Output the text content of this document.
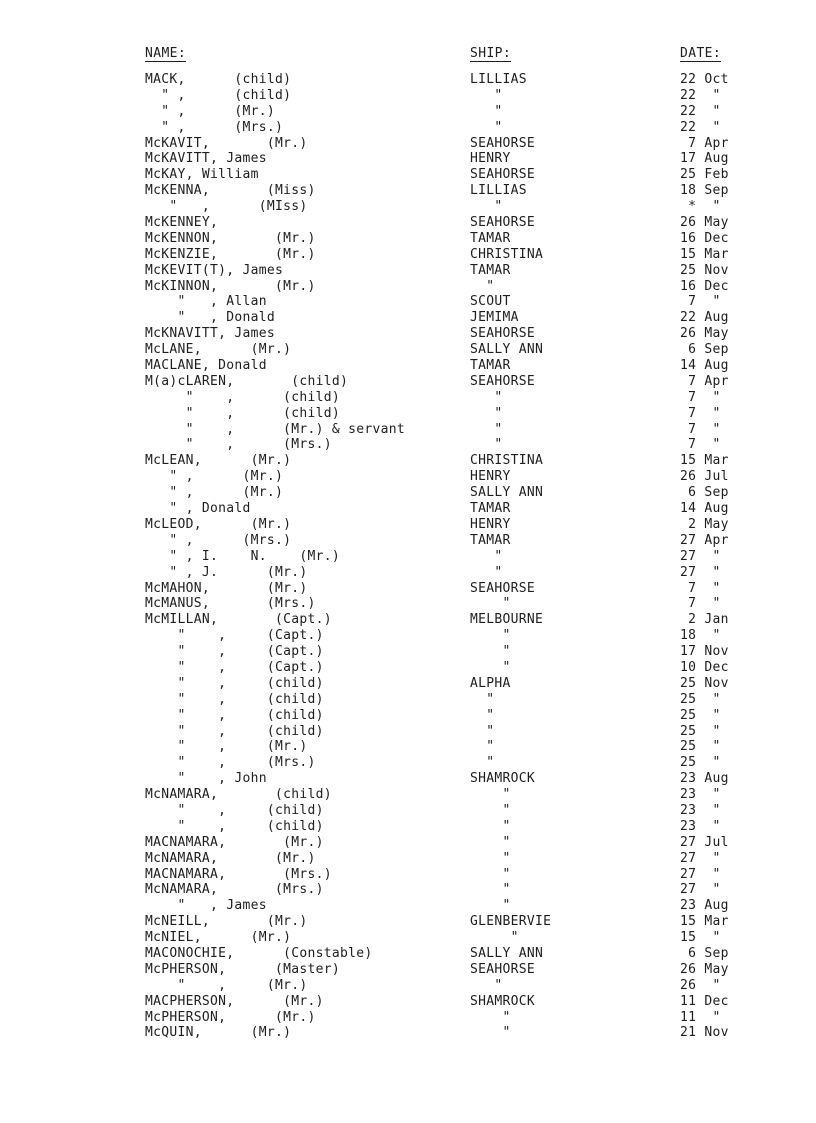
NAME:	SHIP:	DATE:
MACK,      (child)	LILLIAS	22 Oct
" ,      (child)	"	22  "
" ,      (Mr.)	"	22  "
" ,      (Mrs.)	"	22  "
McKAVIT,       (Mr.)	SEAHORSE	7 Apr
McKAVITT, James	HENRY	17 Aug
McKAY, William	SEAHORSE	25 Feb
McKENNA,       (Miss)	LILLIAS	18 Sep
"   ,      (MIss)	"	*  "
McKENNEY,	SEAHORSE	26 May
McKENNON,       (Mr.)	TAMAR	16 Dec
McKENZIE,       (Mr.)	CHRISTINA	15 Mar
McKEVIT(T), James	TAMAR	25 Nov
McKINNON,       (Mr.)	"	16 Dec
"   , Allan	SCOUT	7  "
"   , Donald	JEMIMA	22 Aug
McKNAVITT, James	SEAHORSE	26 May
McLANE,      (Mr.)	SALLY ANN	6 Sep
MACLANE, Donald	TAMAR	14 Aug
M(a)cLAREN,       (child)	SEAHORSE	7 Apr
"    ,      (child)	"	7  "
"    ,      (child)	"	7  "
"    ,      (Mr.) & servant	"	7  "
"    ,      (Mrs.)	"	7  "
McLEAN,      (Mr.)	CHRISTINA	15 Mar
" ,      (Mr.)	HENRY	26 Jul
" ,      (Mr.)	SALLY ANN	6 Sep
" , Donald	TAMAR	14 Aug
McLEOD,      (Mr.)	HENRY	2 May
" ,      (Mrs.)	TAMAR	27 Apr
" , I.    N.    (Mr.)	"	27  "
" , J.      (Mr.)	"	27  "
McMAHON,       (Mr.)	SEAHORSE	7  "
McMANUS,       (Mrs.)	"	7  "
McMILLAN,       (Capt.)	MELBOURNE	2 Jan
"    ,     (Capt.)	"	18  "
"    ,     (Capt.)	"	17 Nov
"    ,     (Capt.)	"	10 Dec
"    ,     (child)	ALPHA	25 Nov
"    ,     (child)	"	25  "
"    ,     (child)	"	25  "
"    ,     (child)	"	25  "
"    ,     (Mr.)	"	25  "
"    ,     (Mrs.)	"	25  "
"    , John	SHAMROCK	23 Aug
McNAMARA,       (child)	"	23  "
"    ,     (child)	"	23  "
"    ,     (child)	"	23  "
MACNAMARA,       (Mr.)	"	27 Jul
McNAMARA,       (Mr.)	"	27  "
MACNAMARA,       (Mrs.)	"	27  "
McNAMARA,       (Mrs.)	"	27  "
"   , James	"	23 Aug
McNEILL,       (Mr.)	GLENBERVIE	15 Mar
McNIEL,      (Mr.)	"	15  "
MACONOCHIE,      (Constable)	SALLY ANN	6 Sep
McPHERSON,      (Master)	SEAHORSE	26 May
"    ,     (Mr.)	"	26  "
MACPHERSON,      (Mr.)	SHAMROCK	11 Dec
McPHERSON,      (Mr.)	"	11  "
McQUIN,      (Mr.)	"	21 Nov
